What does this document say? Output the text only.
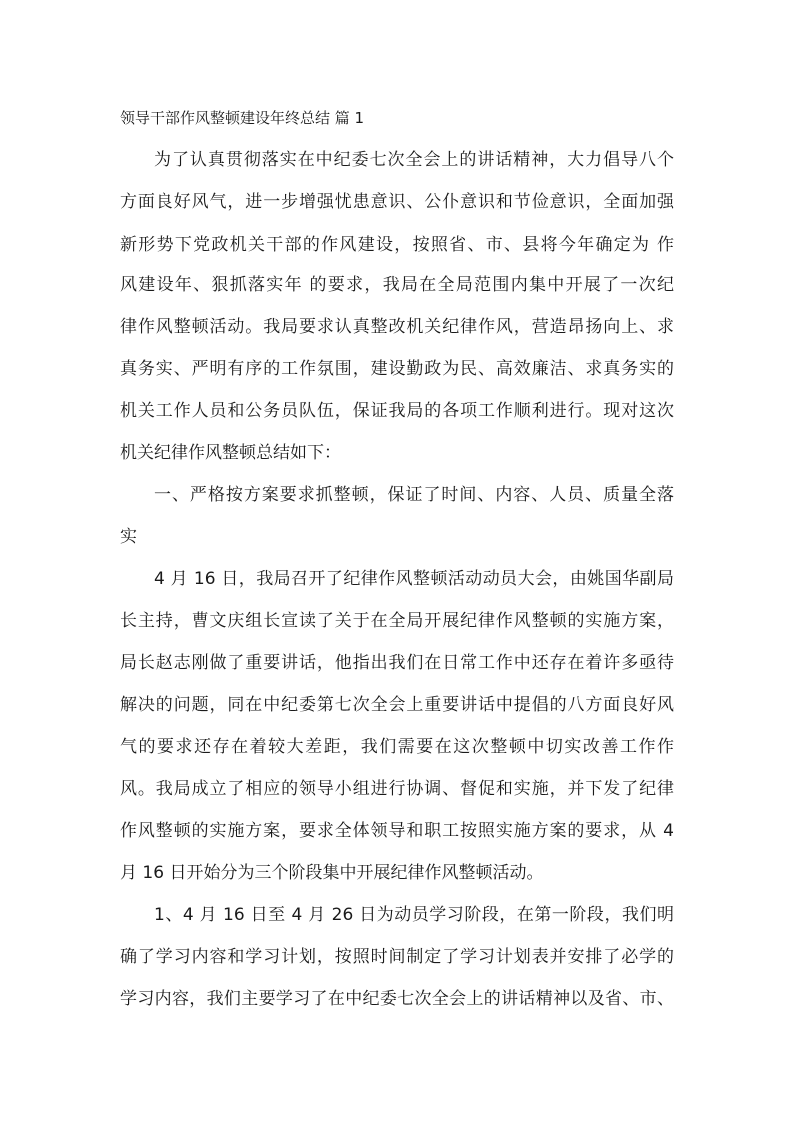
领导干部作风整顿建设年终总结 篇 1

为了认真贯彻落实在中纪委七次全会上的讲话精神，大力倡导八个

方面良好风气，进一步增强忧患意识、公仆意识和节俭意识，全面加强

新形势下党政机关干部的作风建设，按照省、市、县将今年确定为 作

风建设年、狠抓落实年 的要求，我局在全局范围内集中开展了一次纪

律作风整顿活动。我局要求认真整改机关纪律作风，营造昂扬向上、求

真务实、严明有序的工作氛围，建设勤政为民、高效廉洁、求真务实的

机关工作人员和公务员队伍，保证我局的各项工作顺利进行。现对这次

机关纪律作风整顿总结如下：

一、严格按方案要求抓整顿，保证了时间、内容、人员、质量全落

实

4 月 16 日，我局召开了纪律作风整顿活动动员大会，由姚国华副局

长主持，曹文庆组长宣读了关于在全局开展纪律作风整顿的实施方案，

局长赵志刚做了重要讲话，他指出我们在日常工作中还存在着许多亟待

解决的问题，同在中纪委第七次全会上重要讲话中提倡的八方面良好风

气的要求还存在着较大差距，我们需要在这次整顿中切实改善工作作

风。我局成立了相应的领导小组进行协调、督促和实施，并下发了纪律

作风整顿的实施方案，要求全体领导和职工按照实施方案的要求，从 4

月 16 日开始分为三个阶段集中开展纪律作风整顿活动。

1、4 月 16 日至 4 月 26 日为动员学习阶段，在第一阶段，我们明

确了学习内容和学习计划，按照时间制定了学习计划表并安排了必学的

学习内容，我们主要学习了在中纪委七次全会上的讲话精神以及省、市、
